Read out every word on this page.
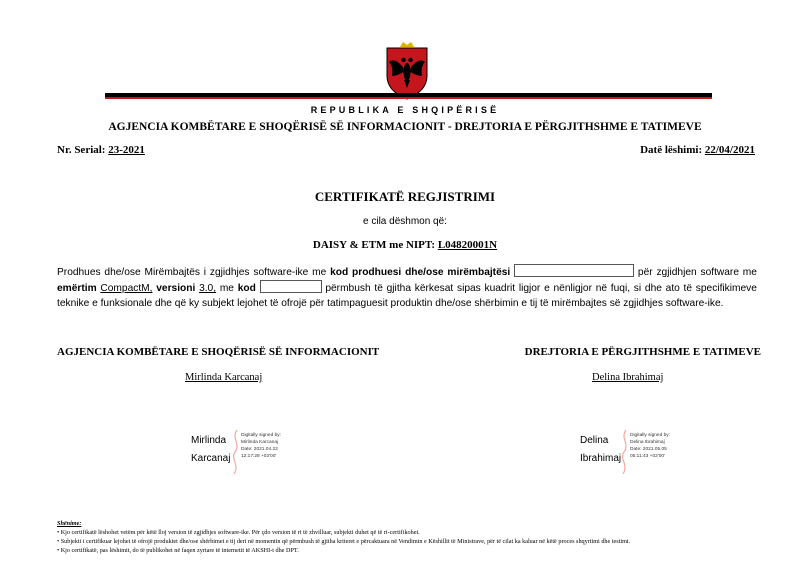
REPUBLIKA E SHQIPËRISË
AGJENCIA KOMBËTARE E SHOQËRISË SË INFORMACIONIT - DREJTORIA E PËRGJITHSHME E TATIMEVE
Nr. Serial: 23-2021	Datë lëshimi: 22/04/2021
CERTIFIKATË REGJISTRIMI
e cila dëshmon që:
DAISY & ETM me NIPT: L04820001N
Prodhues dhe/ose Mirëmbajtës i zgjidhjes software-ike me kod prodhuesi dhe/ose mirëmbajtësi	për zgjidhjen software me emërtim CompactM, versioni 3.0, me kod	përmbush të gjitha kërkesat sipas kuadrit ligjor e nënligjor në fuqi, si dhe ato të specifikimeve teknike e funksionale dhe që ky subjekt lejohet të ofrojë për tatimpaguesit produktin dhe/ose shërbimin e tij të mirëmbajtes së zgjidhjes software-ike.
AGJENCIA KOMBËTARE E SHOQËRISË SË INFORMACIONIT	DREJTORIA E PËRGJITHSHME E TATIMEVE
Mirlinda Karcanaj	Delina Ibrahimaj
Mirlinda
Karcanaj
Digitally signed by:
Mirlinda Karcanaj
Date: 2021.04.22
12:17:28 +02'00'
Delina
Ibrahimaj
Digitally signed by:
Delina Ibrahimaj
Date: 2021.05.05
05:11:43 +02'00'
Shënime:
• Kjo certifikatë lëshohet vetëm për këtë lloj version të zgjidhjes software-ike. Për çdo version të ri të zhvilluar, subjekti duhet që të ri-certifikohet.
• Subjekti i certifikuar lejohet të ofrojë produktet dhe/ose shërbimet e tij deri në momentin që përmbush të gjitha kriteret e përcaktuara në Vendimin e Këshillit të Ministrave, për të cilat ka kaluar në këtë proces shqyrtimi dhe testimi.
• Kjo certifikatë, pas lëshimit, do të publikohet në faqen zyrtare të internetit të AKSHI-t dhe DPT.
